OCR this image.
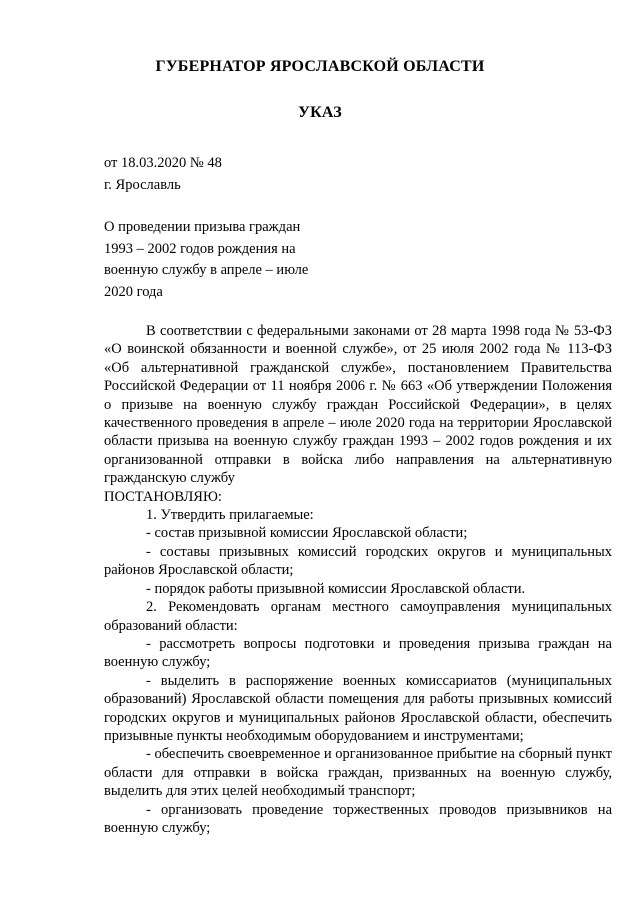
ГУБЕРНАТОР ЯРОСЛАВСКОЙ ОБЛАСТИ
УКАЗ
от 18.03.2020 № 48
г. Ярославль
О проведении призыва граждан
1993 – 2002 годов рождения на
военную службу в апреле – июле
2020 года

В соответствии с федеральными законами от 28 марта 1998 года № 53-ФЗ «О воинской обязанности и военной службе», от 25 июля 2002 года № 113-ФЗ «Об альтернативной гражданской службе», постановлением Правительства Российской Федерации от 11 ноября 2006 г. № 663 «Об утверждении Положения о призыве на военную службу граждан Российской Федерации», в целях качественного проведения в апреле – июле 2020 года на территории Ярославской области призыва на военную службу граждан 1993 – 2002 годов рождения и их организованной отправки в войска либо направления на альтернативную гражданскую службу

ПОСТАНОВЛЯЮ:

1. Утвердить прилагаемые:

- состав призывной комиссии Ярославской области;

- составы призывных комиссий городских округов и муниципальных районов Ярославской области;

- порядок работы призывной комиссии Ярославской области.

2. Рекомендовать органам местного самоуправления муниципальных образований области:

- рассмотреть вопросы подготовки и проведения призыва граждан на военную службу;

- выделить в распоряжение военных комиссариатов (муниципальных образований) Ярославской области помещения для работы призывных комиссий городских округов и муниципальных районов Ярославской области, обеспечить призывные пункты необходимым оборудованием и инструментами;

- обеспечить своевременное и организованное прибытие на сборный пункт области для отправки в войска граждан, призванных на военную службу, выделить для этих целей необходимый транспорт;

- организовать проведение торжественных проводов призывников на военную службу;
